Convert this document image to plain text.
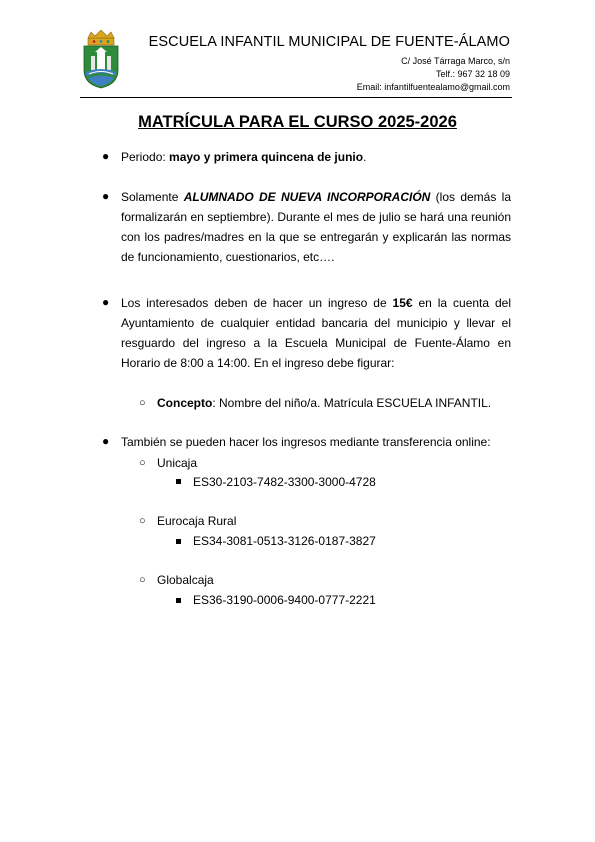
ESCUELA INFANTIL MUNICIPAL DE FUENTE-ÁLAMO
C/ José Tárraga Marco, s/n
Telf.: 967 32 18 09
Email: infantilfuentealamo@gmail.com
MATRÍCULA PARA EL CURSO 2025-2026
● Periodo: mayo y primera quincena de junio.
● Solamente ALUMNADO DE NUEVA INCORPORACIÓN (los demás la formalizarán en septiembre). Durante el mes de julio se hará una reunión con los padres/madres en la que se entregarán y explicarán las normas de funcionamiento, cuestionarios, etc….
● Los interesados deben de hacer un ingreso de 15€ en la cuenta del Ayuntamiento de cualquier entidad bancaria del municipio y llevar el resguardo del ingreso a la Escuela Municipal de Fuente-Álamo en Horario de 8:00 a 14:00. En el ingreso debe figurar:
○ Concepto: Nombre del niño/a. Matrícula ESCUELA INFANTIL.
● También se pueden hacer los ingresos mediante transferencia online:
○ Unicaja
ES30-2103-7482-3300-3000-4728
○ Eurocaja Rural
ES34-3081-0513-3126-0187-3827
○ Globalcaja
ES36-3190-0006-9400-0777-2221
